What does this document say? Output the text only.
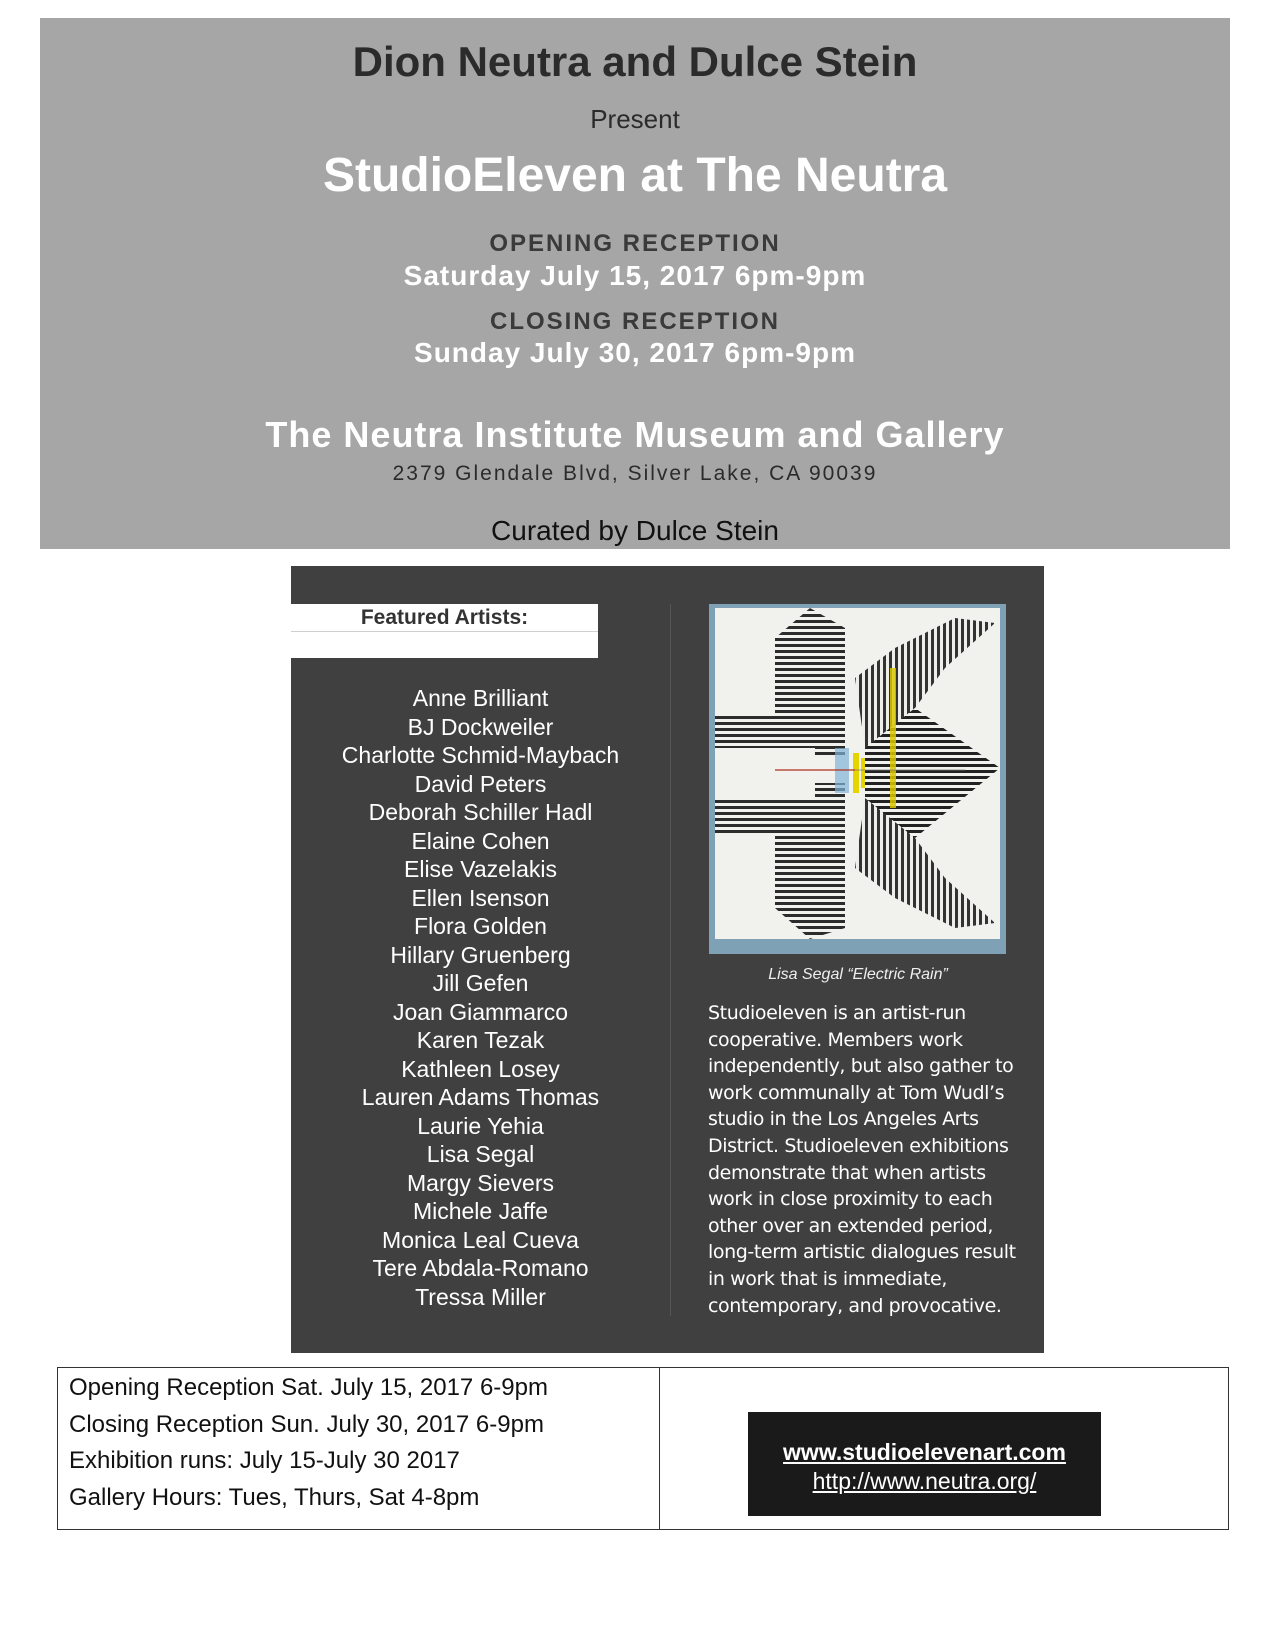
Dion Neutra and Dulce Stein
Present
StudioEleven at The Neutra
OPENING RECEPTION
Saturday July 15, 2017 6pm-9pm
CLOSING RECEPTION
Sunday July 30, 2017 6pm-9pm
The Neutra Institute Museum and Gallery
2379 Glendale Blvd, Silver Lake, CA 90039
Curated by Dulce Stein
Featured Artists:
Anne Brilliant
BJ Dockweiler
Charlotte Schmid-Maybach
David Peters
Deborah Schiller Hadl
Elaine Cohen
Elise Vazelakis
Ellen Isenson
Flora Golden
Hillary Gruenberg
Jill Gefen
Joan Giammarco
Karen Tezak
Kathleen Losey
Lauren Adams Thomas
Laurie Yehia
Lisa Segal
Margy Sievers
Michele Jaffe
Monica Leal Cueva
Tere Abdala-Romano
Tressa Miller
Lisa Segal “Electric Rain”
Studioeleven is an artist-run
cooperative. Members work
independently, but also gather to
work communally at Tom Wudl’s
studio in the Los Angeles Arts
District. Studioeleven exhibitions
demonstrate that when artists
work in close proximity to each
other over an extended period,
long-term artistic dialogues result
in work that is immediate,
contemporary, and provocative.
Opening Reception Sat. July 15, 2017 6-9pm
Closing Reception Sun. July 30, 2017 6-9pm
Exhibition runs: July 15-July 30 2017
Gallery Hours: Tues, Thurs, Sat 4-8pm
www.studioelevenart.com
http://www.neutra.org/
